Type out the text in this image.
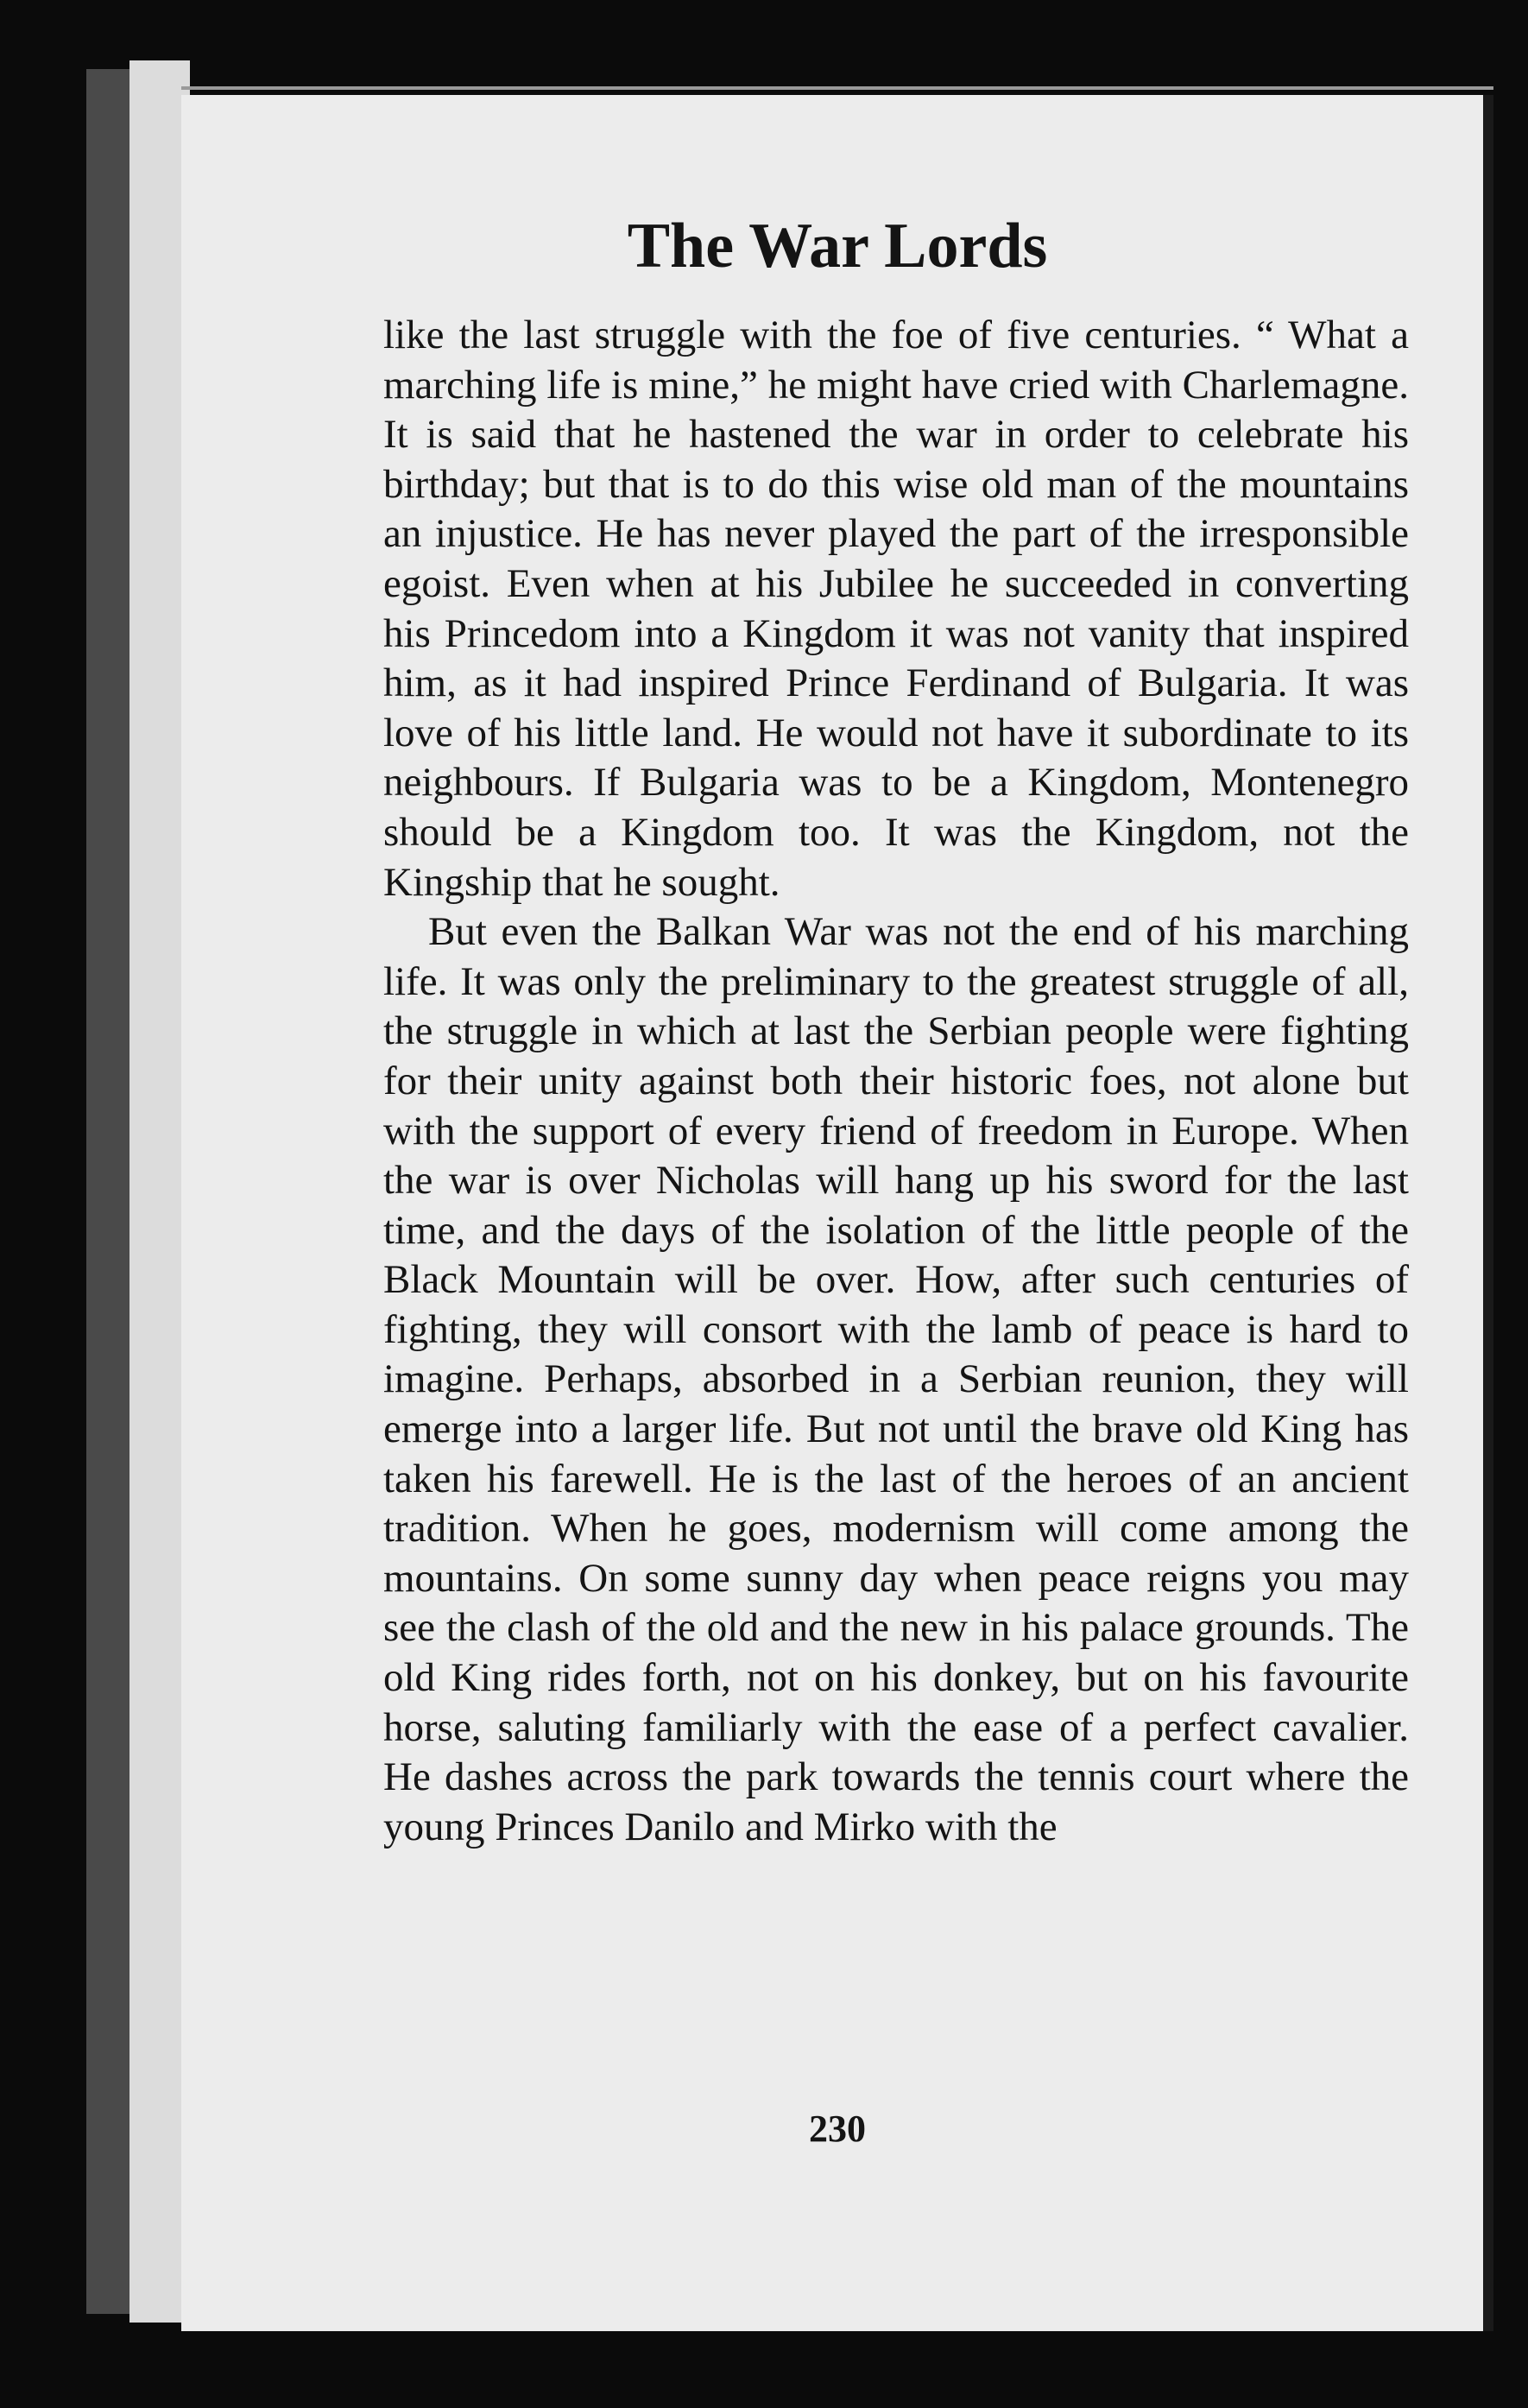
The War Lords

like the last struggle with the foe of five centuries. “ What a marching life is mine,” he might have cried with Charlemagne. It is said that he hastened the war in order to celebrate his birthday; but that is to do this wise old man of the mountains an injustice. He has never played the part of the irresponsible egoist. Even when at his Jubilee he succeeded in converting his Princedom into a Kingdom it was not vanity that inspired him, as it had inspired Prince Ferdinand of Bulgaria. It was love of his little land. He would not have it subordinate to its neighbours. If Bulgaria was to be a Kingdom, Montenegro should be a Kingdom too. It was the Kingdom, not the Kingship that he sought.

But even the Balkan War was not the end of his marching life. It was only the preliminary to the greatest struggle of all, the struggle in which at last the Serbian people were fighting for their unity against both their historic foes, not alone but with the support of every friend of freedom in Europe. When the war is over Nicholas will hang up his sword for the last time, and the days of the isolation of the little people of the Black Mountain will be over. How, after such centuries of fighting, they will consort with the lamb of peace is hard to imagine. Perhaps, absorbed in a Serbian reunion, they will emerge into a larger life. But not until the brave old King has taken his farewell. He is the last of the heroes of an ancient tradition. When he goes, modernism will come among the mountains. On some sunny day when peace reigns you may see the clash of the old and the new in his palace grounds. The old King rides forth, not on his donkey, but on his favourite horse, saluting familiarly with the ease of a perfect cavalier. He dashes across the park towards the tennis court where the young Princes Danilo and Mirko with the

230
